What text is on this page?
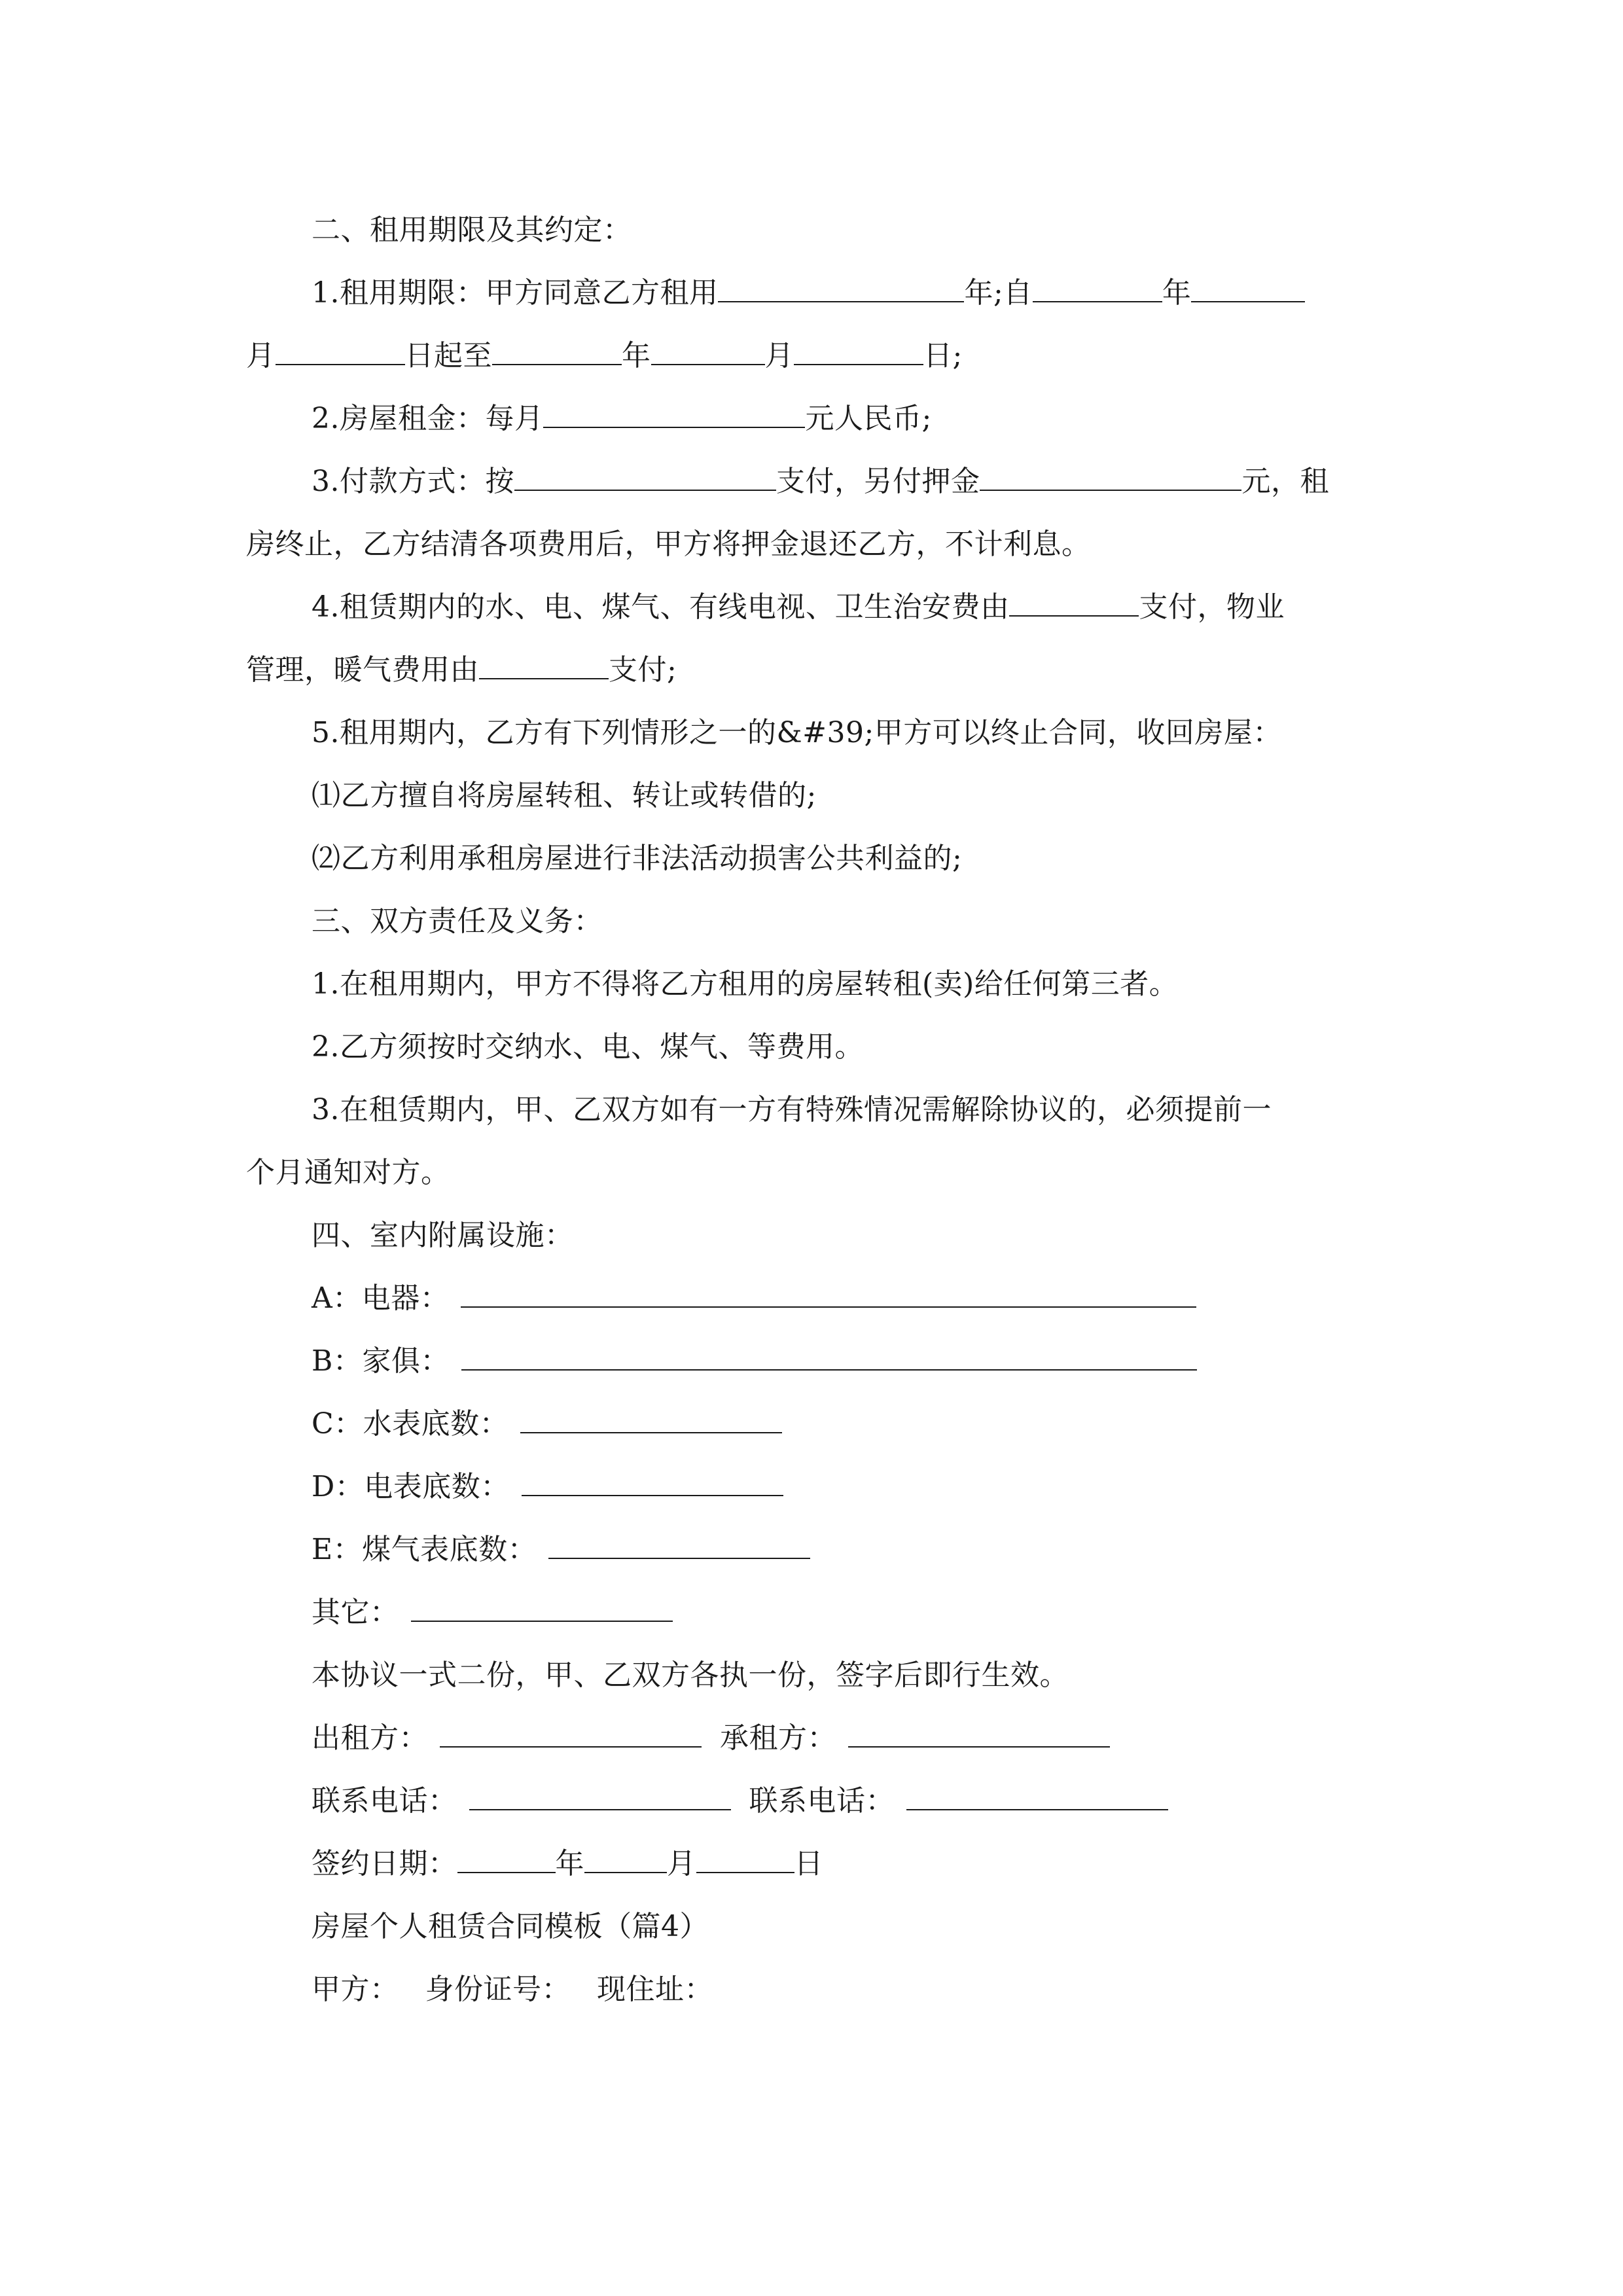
二、租用期限及其约定：
1.租用期限：甲方同意乙方租用	年;自	年
月	日起至	年	月	日;
2.房屋租金：每月	元人民币;
3.付款方式：按	支付，另付押金	元，租
房终止，乙方结清各项费用后，甲方将押金退还乙方，不计利息。
4.租赁期内的水、电、煤气、有线电视、卫生治安费由	支付，物业
管理，暖气费用由	支付;
5.租用期内，乙方有下列情形之一的&#39;甲方可以终止合同，收回房屋：
⑴乙方擅自将房屋转租、转让或转借的;
⑵乙方利用承租房屋进行非法活动损害公共利益的;
三、双方责任及义务：
1.在租用期内，甲方不得将乙方租用的房屋转租(卖)给任何第三者。
2.乙方须按时交纳水、电、煤气、等费用。
3.在租赁期内，甲、乙双方如有一方有特殊情况需解除协议的，必须提前一
个月通知对方。
四、室内附属设施：
A：电器：
B：家俱：
C：水表底数：
D：电表底数：
E：煤气表底数：
其它：
本协议一式二份，甲、乙双方各执一份，签字后即行生效。
出租方：	承租方：
联系电话：	联系电话：
签约日期：	年	月	日
房屋个人租赁合同模板（篇4）
甲方： 身份证号： 现住址：
